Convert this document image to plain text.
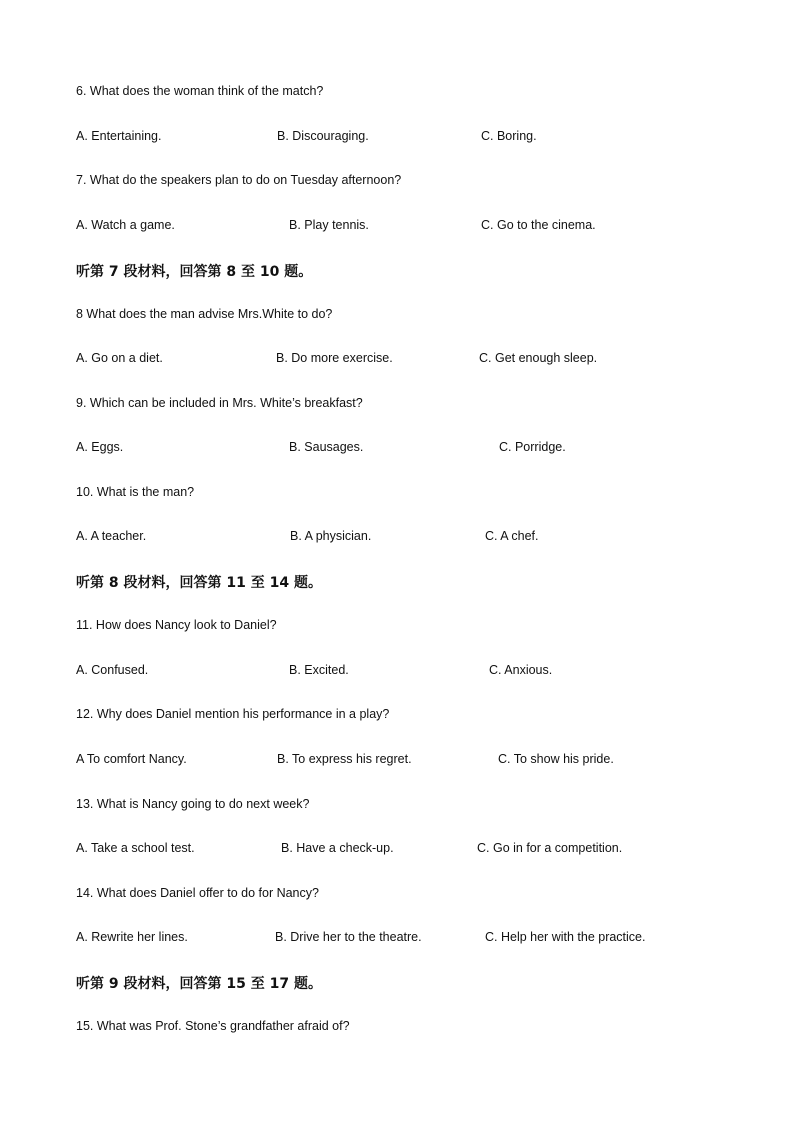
6. What does the woman think of the match?
A. Entertaining.	B. Discouraging.	C. Boring.
7. What do the speakers plan to do on Tuesday afternoon?
A. Watch a game.	B. Play tennis.	C. Go to the cinema.
听第 7 段材料，回答第 8 至 10 题。
8 What does the man advise Mrs.White to do?
A. Go on a diet.	B. Do more exercise.	C. Get enough sleep.
9. Which can be included in Mrs. White’s breakfast?
A. Eggs.	B. Sausages.	C. Porridge.
10. What is the man?
A. A teacher.	B. A physician.	C. A chef.
听第 8 段材料，回答第 11 至 14 题。
11. How does Nancy look to Daniel?
A. Confused.	B. Excited.	C. Anxious.
12. Why does Daniel mention his performance in a play?
A To comfort Nancy.	B. To express his regret.	C. To show his pride.
13. What is Nancy going to do next week?
A. Take a school test.	B. Have a check-up.	C. Go in for a competition.
14. What does Daniel offer to do for Nancy?
A. Rewrite her lines.	B. Drive her to the theatre.	C. Help her with the practice.
听第 9 段材料，回答第 15 至 17 题。
15. What was Prof. Stone’s grandfather afraid of?
